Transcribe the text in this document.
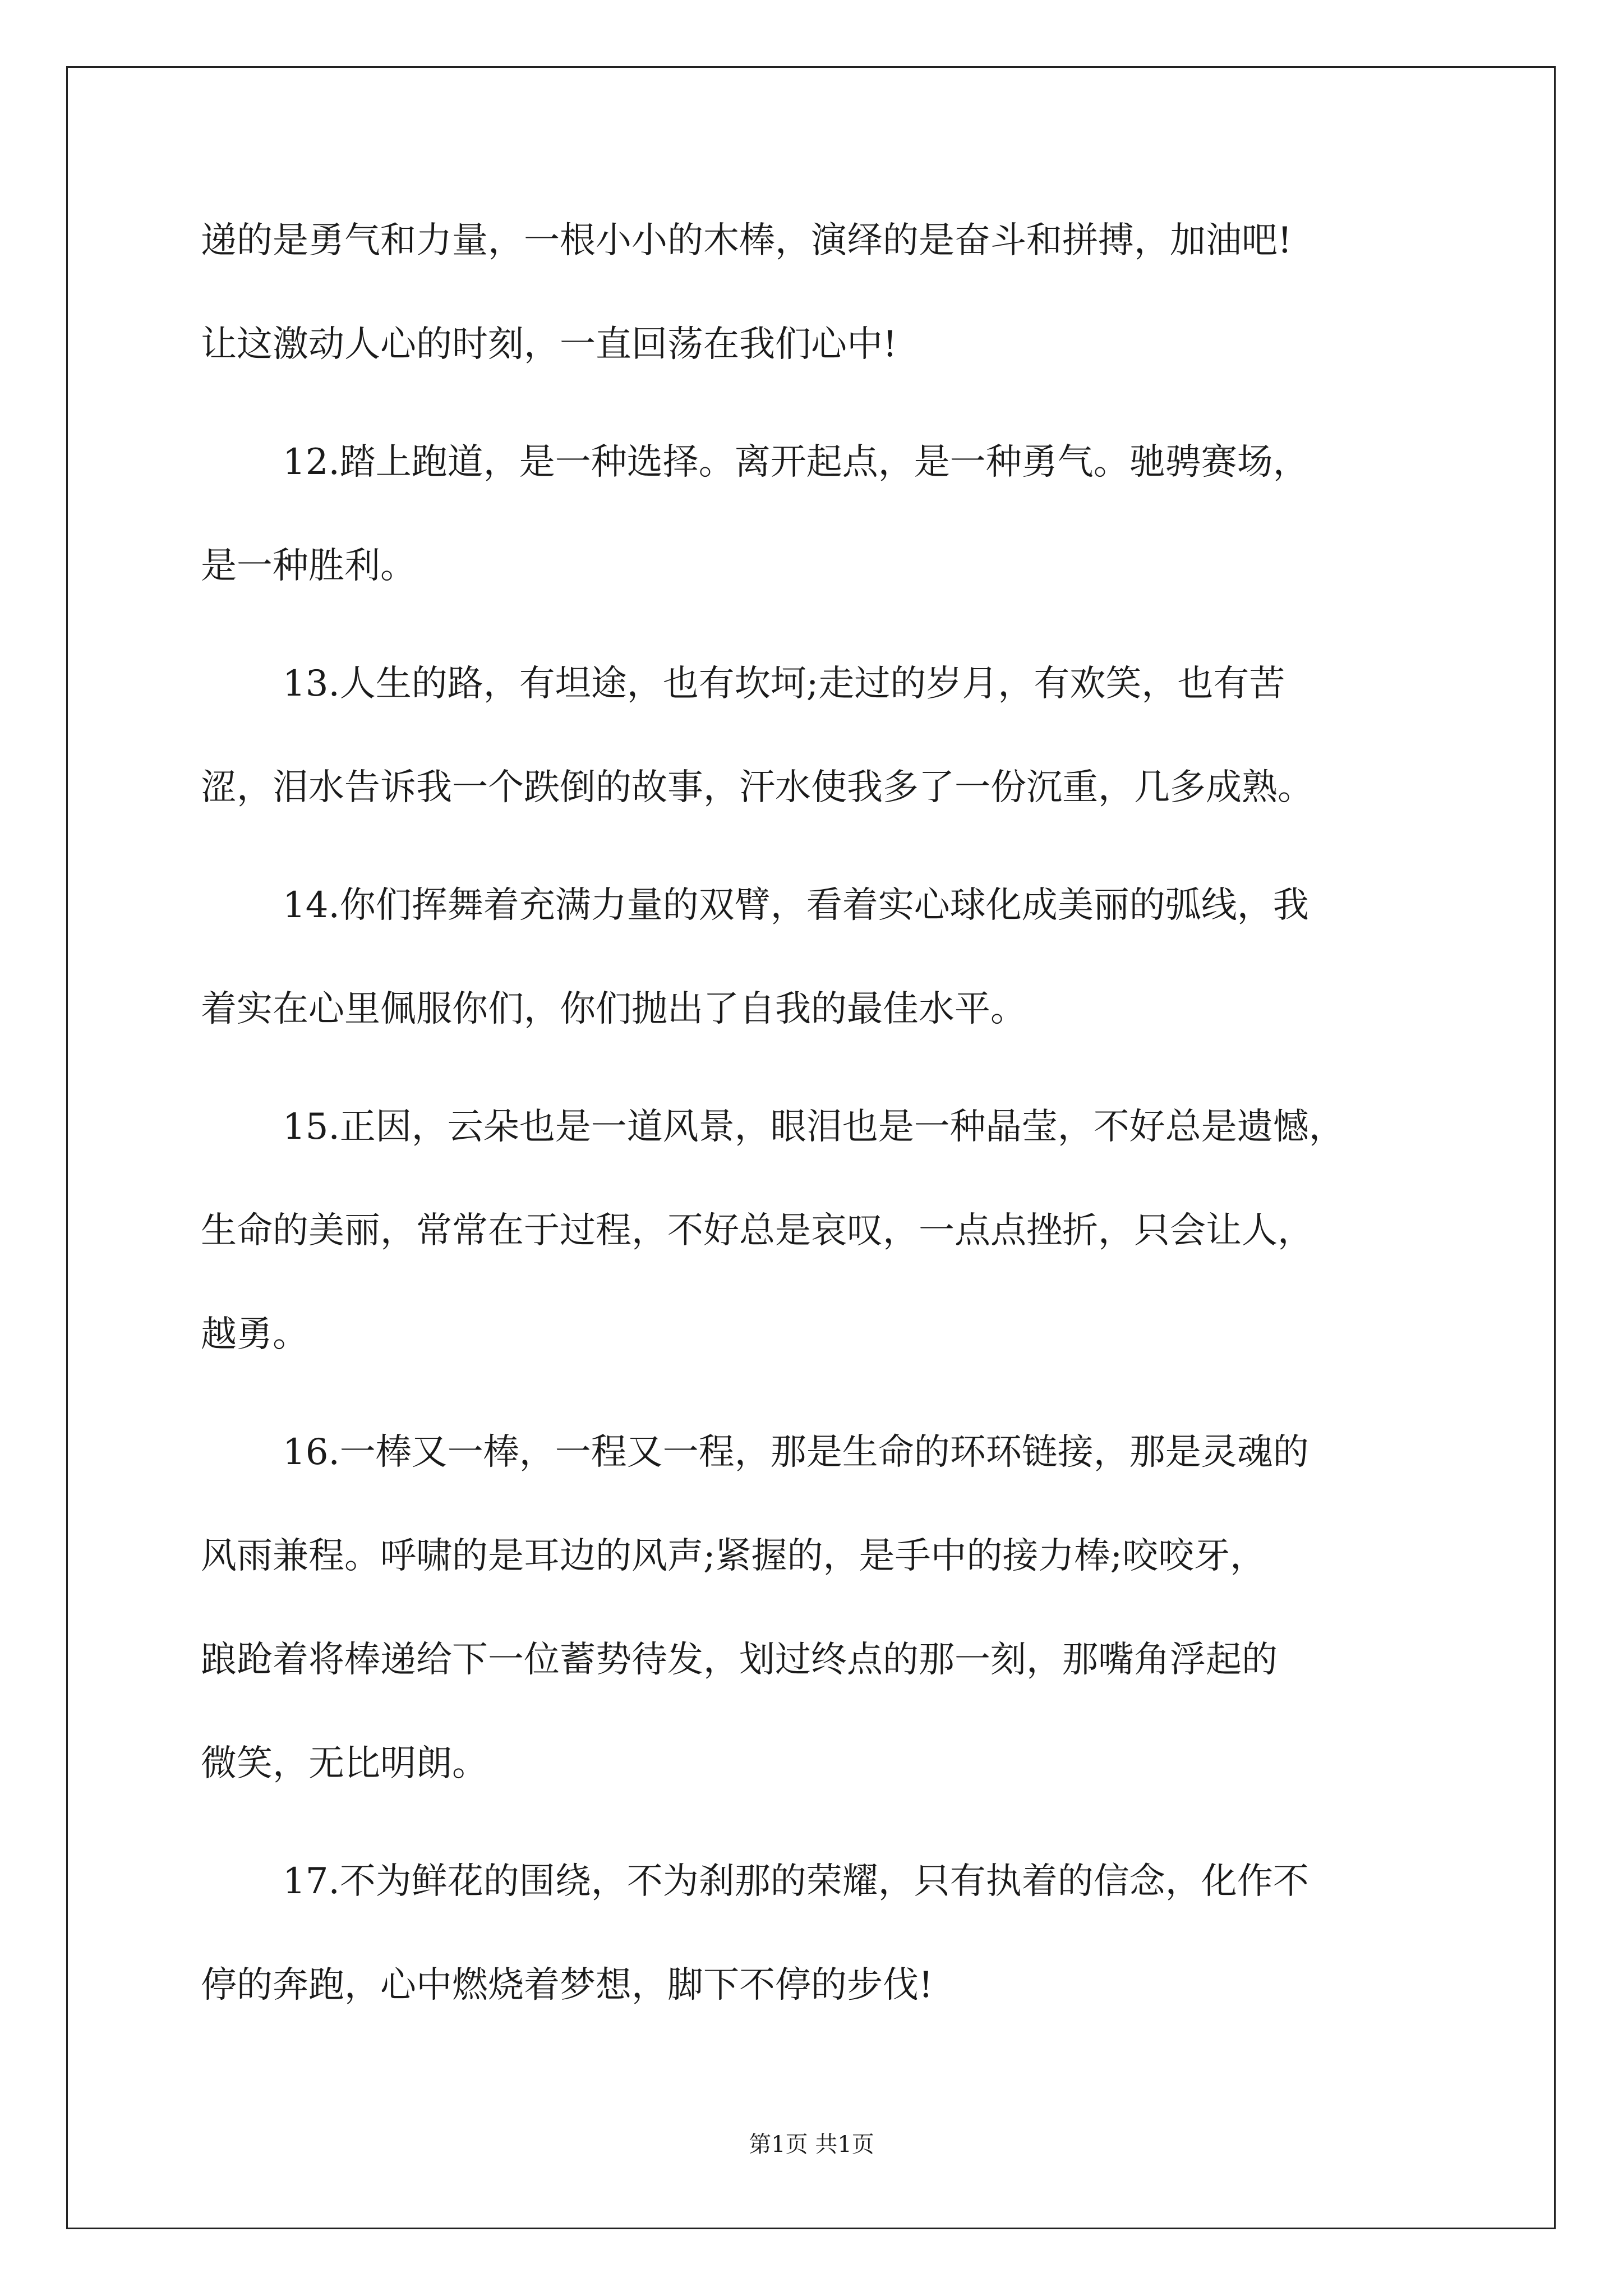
递的是勇气和力量，一根小小的木棒，演绎的是奋斗和拼搏，加油吧!
让这激动人心的时刻，一直回荡在我们心中!
12.踏上跑道，是一种选择。离开起点，是一种勇气。驰骋赛场，
是一种胜利。
13.人生的路，有坦途，也有坎坷;走过的岁月，有欢笑，也有苦
涩，泪水告诉我一个跌倒的故事，汗水使我多了一份沉重，几多成熟。
14.你们挥舞着充满力量的双臂，看着实心球化成美丽的弧线，我
着实在心里佩服你们，你们抛出了自我的最佳水平。
15.正因，云朵也是一道风景，眼泪也是一种晶莹，不好总是遗憾，
生命的美丽，常常在于过程，不好总是哀叹，一点点挫折，只会让人，
越勇。
16.一棒又一棒，一程又一程，那是生命的环环链接，那是灵魂的
风雨兼程。呼啸的是耳边的风声;紧握的，是手中的接力棒;咬咬牙，
踉跄着将棒递给下一位蓄势待发，划过终点的那一刻，那嘴角浮起的
微笑，无比明朗。
17.不为鲜花的围绕，不为刹那的荣耀，只有执着的信念，化作不
停的奔跑，心中燃烧着梦想，脚下不停的步伐!
第1页 共1页
